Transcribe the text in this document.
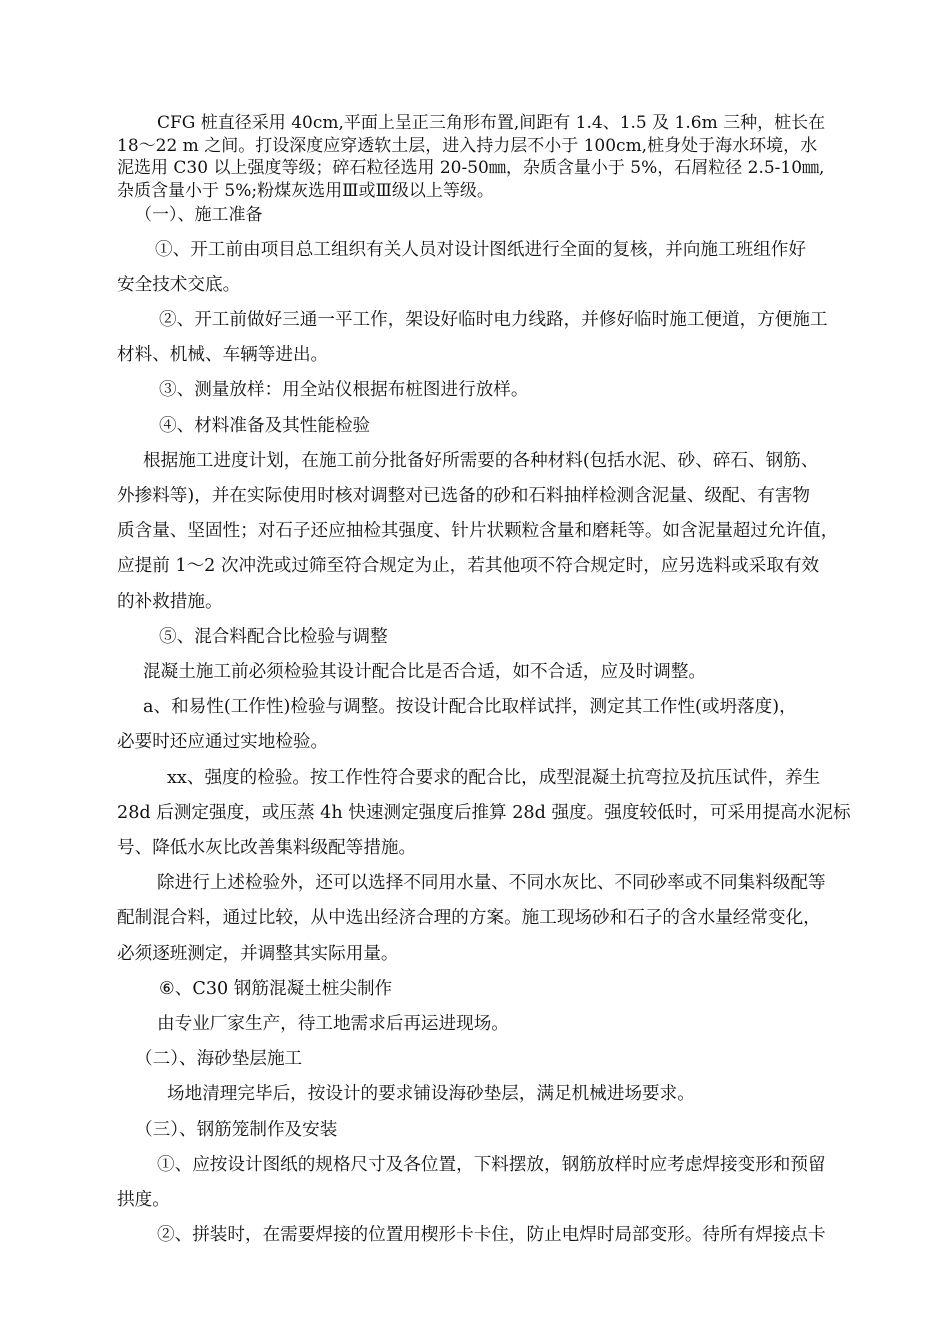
CFG 桩直径采用 40cm,平面上呈正三角形布置,间距有 1.4、1.5 及 1.6m 三种，桩长在

18～22 m 之间。打设深度应穿透软土层，进入持力层不小于 100cm,桩身处于海水环境，水

泥选用 C30 以上强度等级；碎石粒径选用 20-50㎜，杂质含量小于 5%，石屑粒径 2.5-10㎜,

杂质含量小于 5%;粉煤灰选用Ⅲ或Ⅲ级以上等级。

（一）、施工准备

①、开工前由项目总工组织有关人员对设计图纸进行全面的复核，并向施工班组作好

安全技术交底。

②、开工前做好三通一平工作，架设好临时电力线路，并修好临时施工便道，方便施工

材料、机械、车辆等进出。

③、测量放样：用全站仪根据布桩图进行放样。

④、材料准备及其性能检验

根据施工进度计划，在施工前分批备好所需要的各种材料(包括水泥、砂、碎石、钢筋、

外掺料等)，并在实际使用时核对调整对已选备的砂和石料抽样检测含泥量、级配、有害物

质含量、坚固性；对石子还应抽检其强度、针片状颗粒含量和磨耗等。如含泥量超过允许值，

应提前 1～2 次冲洗或过筛至符合规定为止，若其他项不符合规定时，应另选料或采取有效

的补救措施。

⑤、混合料配合比检验与调整

混凝土施工前必须检验其设计配合比是否合适，如不合适，应及时调整。

a、和易性(工作性)检验与调整。按设计配合比取样试拌，测定其工作性(或坍落度)，

必要时还应通过实地检验。

xx、强度的检验。按工作性符合要求的配合比，成型混凝土抗弯拉及抗压试件，养生

28d 后测定强度，或压蒸 4h 快速测定强度后推算 28d 强度。强度较低时，可采用提高水泥标

号、降低水灰比改善集料级配等措施。

除进行上述检验外，还可以选择不同用水量、不同水灰比、不同砂率或不同集料级配等

配制混合料，通过比较，从中选出经济合理的方案。施工现场砂和石子的含水量经常变化，

必须逐班测定，并调整其实际用量。

⑥、C30 钢筋混凝土桩尖制作

由专业厂家生产，待工地需求后再运进现场。

（二）、海砂垫层施工

场地清理完毕后，按设计的要求铺设海砂垫层，满足机械进场要求。

（三）、钢筋笼制作及安装

①、应按设计图纸的规格尺寸及各位置，下料摆放，钢筋放样时应考虑焊接变形和预留

拱度。

②、拼装时，在需要焊接的位置用楔形卡卡住，防止电焊时局部变形。待所有焊接点卡
